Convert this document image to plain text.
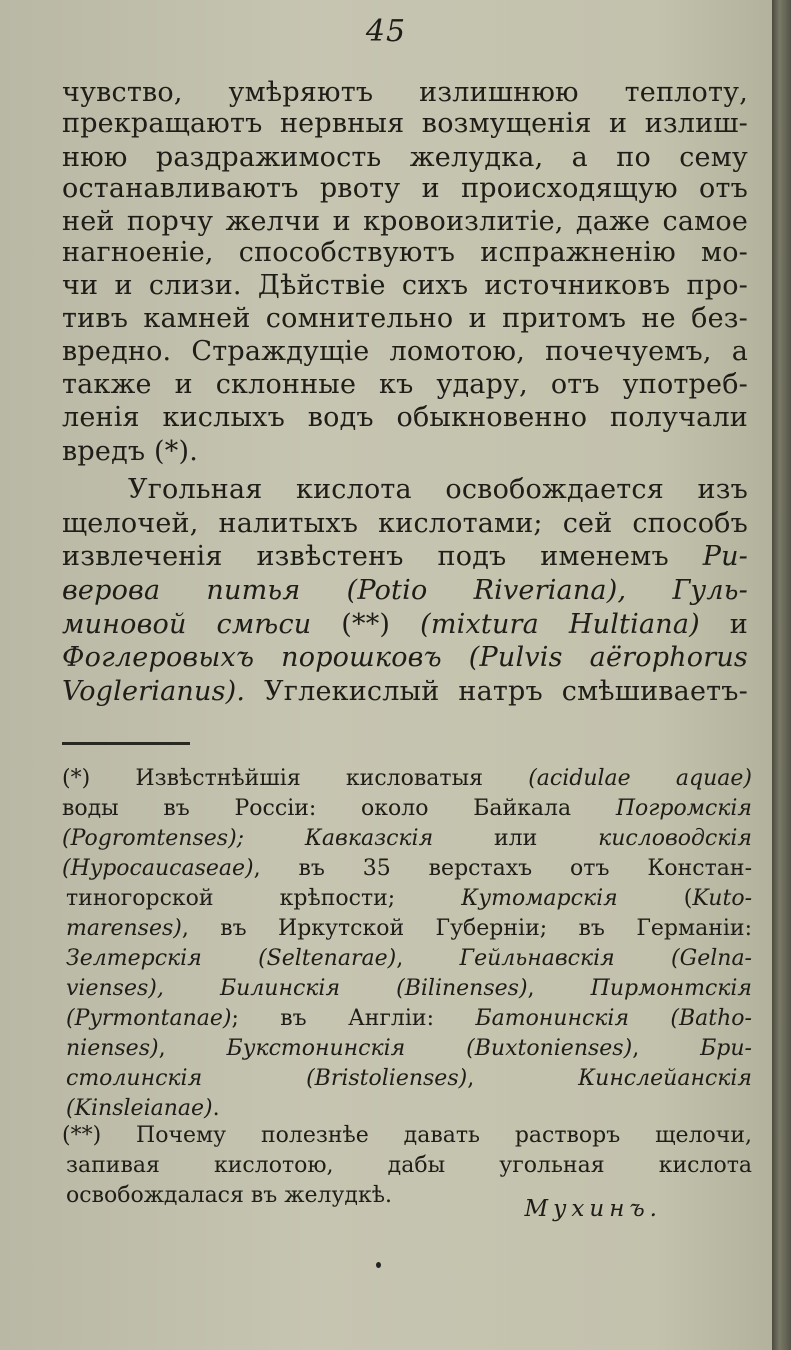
45
чувство, умѣряютъ излишнюю теплоту,
прекращаютъ нервныя возмущенія и излиш-
нюю раздражимость желудка, а по сему
останавливаютъ рвоту и происходящую отъ
ней порчу желчи и кровоизлитіе, даже самое
нагноеніе, способствуютъ испражненію мо-
чи и слизи. Дѣйствіе сихъ источниковъ про-
тивъ камней сомнительно и притомъ не без-
вредно. Страждущіе ломотою, почечуемъ, а
также и склонные къ удару, отъ употреб-
ленія кислыхъ водъ обыкновенно получали
вредъ (*).
Угольная кислота освобождается изъ
щелочей, налитыхъ кислотами; сей способъ
извлеченія извѣстенъ подъ именемъ Ри-
верова питья (Potio Riveriana), Гуль-
миновой смѣси (**) (mixtura Hultiana) и
Фоглеровыхъ порошковъ (Pulvis aërophorus
Voglerianus). Углекислый натръ смѣшиваетъ-
(*) Извѣстнѣйшія кисловатыя (acidulae aquae)
воды въ Россіи: около Байкала Погромскія
(Pogromtenses); Кавказскія или кисловодскія
(Hypocaucaseae), въ 35 верстахъ отъ Констан-
тиногорской крѣпости; Кутомарскія (Kuto-
marenses), въ Иркутской Губерніи; въ Германіи:
Зелтерскія (Seltenarae), Гейльнавскія (Gelna-
vienses), Билинскія (Bilinenses), Пирмонтскія
(Pyrmontanae); въ Англіи: Батонинскія (Batho-
nienses), Букстонинскія (Buxtonienses), Бри-
столинскія (Bristolienses), Кинслейанскія
(Kinsleianae).
(**) Почему полезнѣе давать растворъ щелочи,
запивая кислотою, дабы угольная кислота
освобождалася въ желудкѣ.
Мухинъ.
